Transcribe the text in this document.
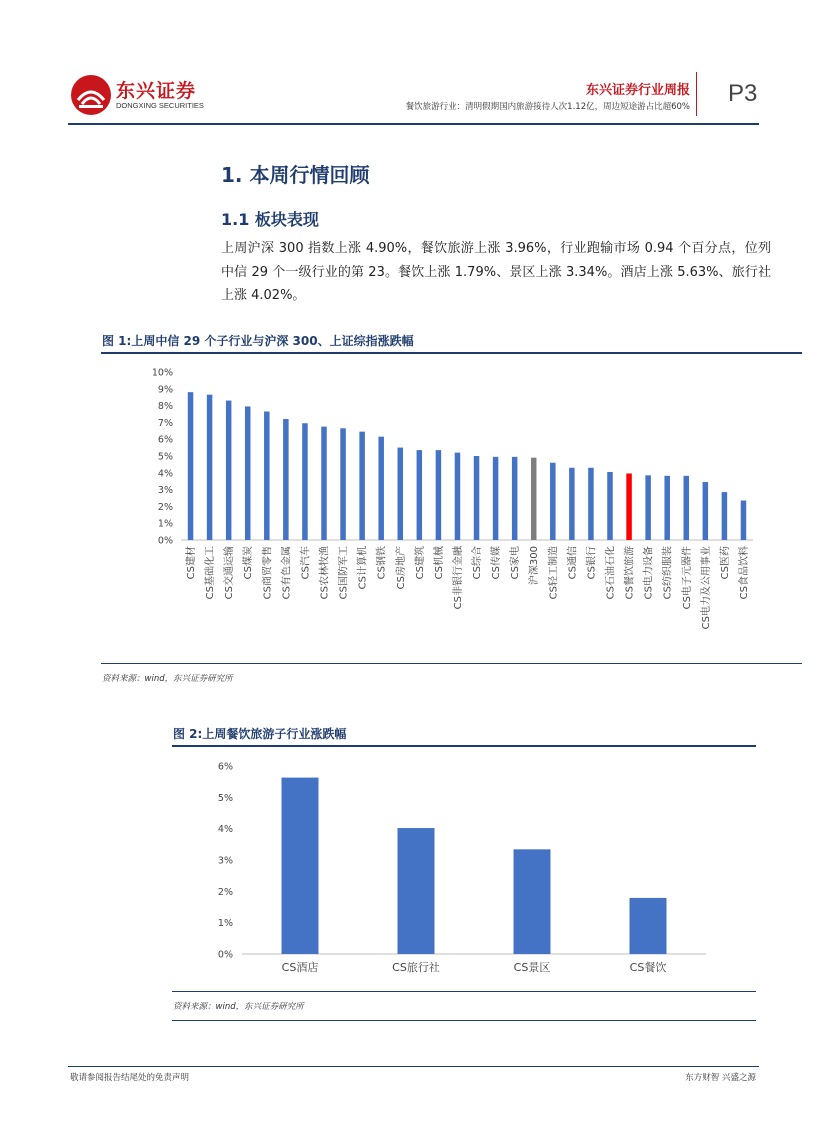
东兴证券
DONGXING SECURITIES
东兴证券行业周报
餐饮旅游行业：清明假期国内旅游接待人次1.12亿，周边短途游占比超60% P3
1. 本周行情回顾
1.1 板块表现
上周沪深 300 指数上涨 4.90%，餐饮旅游上涨 3.96%，行业跑输市场 0.94 个百分点，位列中信 29 个一级行业的第 23。餐饮上涨 1.79%、景区上涨 3.34%。酒店上涨 5.63%、旅行社上涨 4.02%。
图 1:上周中信 29 个子行业与沪深 300、上证综指涨跌幅
0%
1%
2%
3%
4%
5%
6%
7%
8%
9%
10%
CS建材 CS基础化工 CS交通运输 CS煤炭 CS商贸零售 CS有色金属 CS汽车 CS农林牧渔 CS国防军工 CS计算机 CS钢铁 CS房地产 CS建筑 CS机械 CS非银行金融 CS综合 CS传媒 CS家电 沪深300 CS轻工制造 CS通信 CS银行 CS石油石化 CS餐饮旅游 CS电力设备 CS纺织服装 CS电子元器件 CS电力及公用事业 CS医药 CS食品饮料
资料来源：wind，东兴证券研究所
图 2:上周餐饮旅游子行业涨跌幅
0%
1%
2%
3%
4%
5%
6%
CS酒店	CS旅行社	CS景区	CS餐饮
资料来源：wind，东兴证券研究所
敬请参阅报告结尾处的免责声明	东方财智 兴盛之源
